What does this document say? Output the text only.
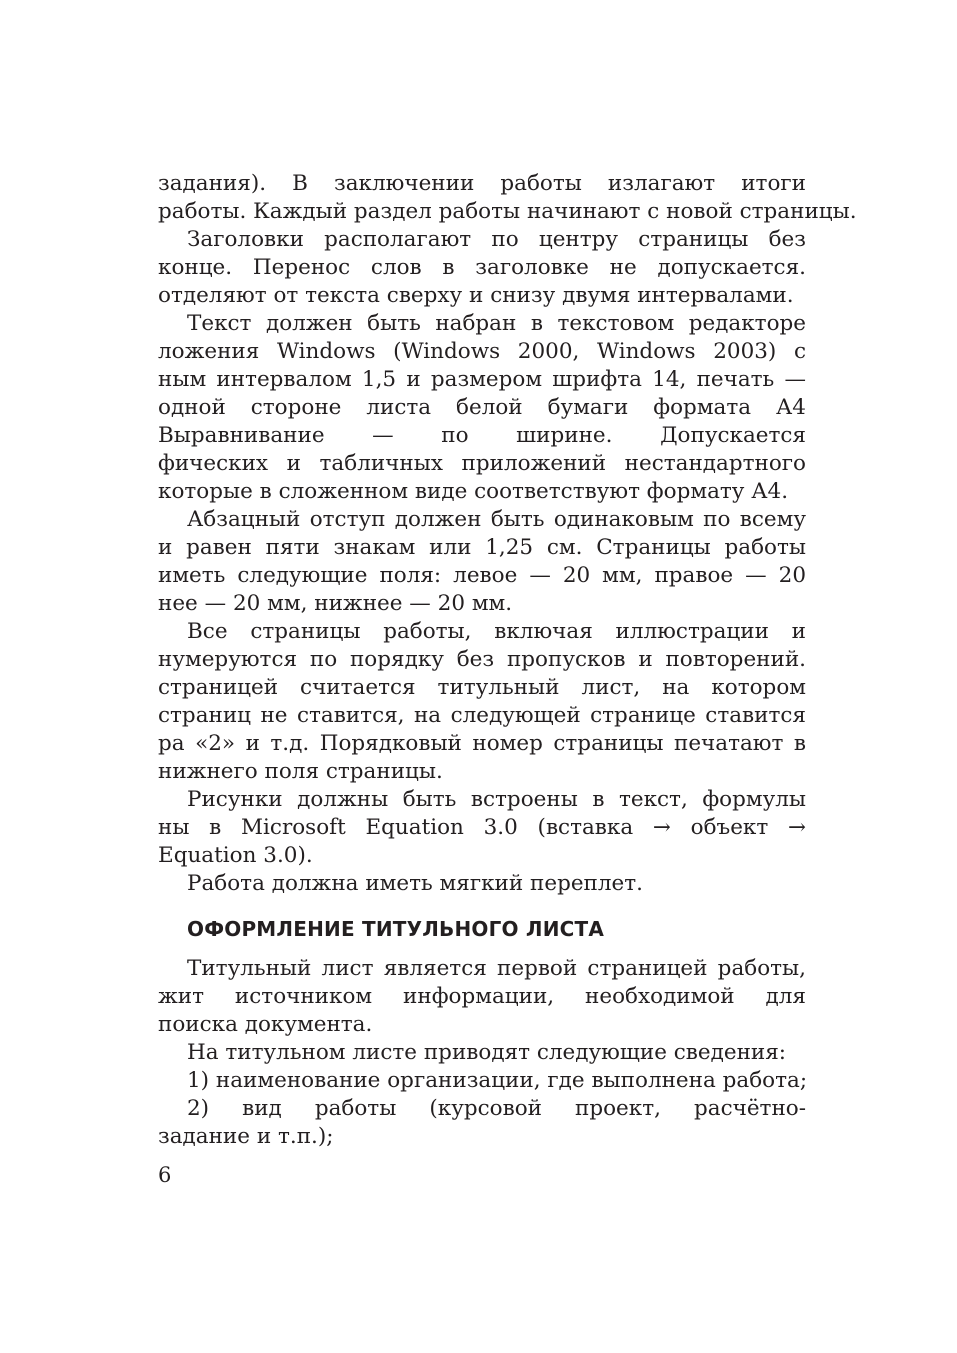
задания). В заключении работы излагают итоги
работы. Каждый раздел работы начинают с новой страницы.
Заголовки располагают по центру страницы без
конце. Перенос слов в заголовке не допускается.
отделяют от текста сверху и снизу двумя интервалами.
Текст должен быть набран в текстовом редакторе
ложения Windows (Windows 2000, Windows 2003) с
ным интервалом 1,5 и размером шрифта 14, печать —
одной стороне листа белой бумаги формата А4
Выравнивание — по ширине. Допускается
фических и табличных приложений нестандартного
которые в сложенном виде соответствуют формату А4.
Абзацный отступ должен быть одинаковым по всему
и равен пяти знакам или 1,25 см. Страницы работы
иметь следующие поля: левое — 20 мм, правое — 20
нее — 20 мм, нижнее — 20 мм.
Все страницы работы, включая иллюстрации и
нумеруются по порядку без пропусков и повторений.
страницей считается титульный лист, на котором
страниц не ставится, на следующей странице ставится
ра «2» и т.д. Порядковый номер страницы печатают в
нижнего поля страницы.
Рисунки должны быть встроены в текст, формулы
ны в Microsoft Equation 3.0 (вставка → объект →
Equation 3.0).
Работа должна иметь мягкий переплет.
ОФОРМЛЕНИЕ ТИТУЛЬНОГО ЛИСТА
Титульный лист является первой страницей работы,
жит источником информации, необходимой для
поиска документа.
На титульном листе приводят следующие сведения:
1) наименование организации, где выполнена работа;
2) вид работы (курсовой проект, расчётно-
задание и т.п.);
6
